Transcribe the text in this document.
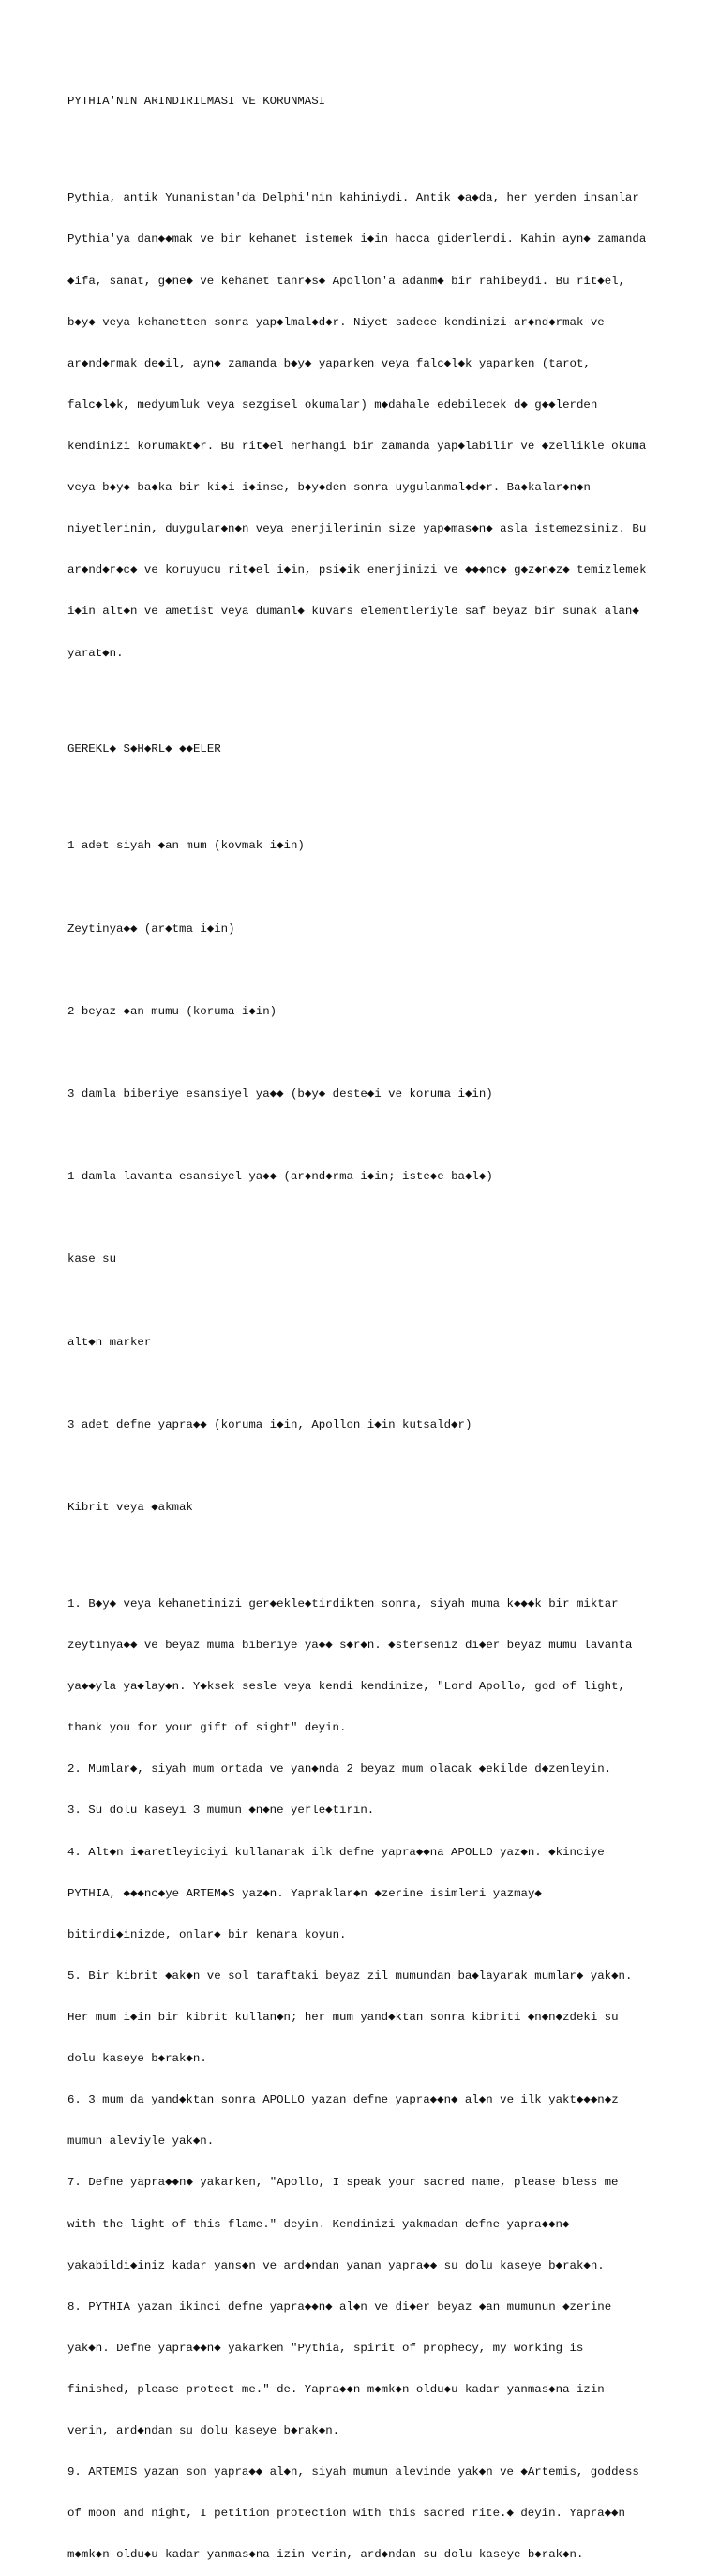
PYTHIA'NIN ARINDIRILMASI VE KORUNMASI

Pythia, antik Yunanistan'da Delphi'nin kahiniydi. Antik ◆a◆da, her yerden insanlar

Pythia'ya dan◆◆mak ve bir kehanet istemek i◆in hacca giderlerdi. Kahin ayn◆ zamanda

◆ifa, sanat, g◆ne◆ ve kehanet tanr◆s◆ Apollon'a adanm◆ bir rahibeydi. Bu rit◆el,

b◆y◆ veya kehanetten sonra yap◆lmal◆d◆r. Niyet sadece kendinizi ar◆nd◆rmak ve

ar◆nd◆rmak de◆il, ayn◆ zamanda b◆y◆ yaparken veya falc◆l◆k yaparken (tarot,

falc◆l◆k, medyumluk veya sezgisel okumalar) m◆dahale edebilecek d◆ g◆◆lerden

kendinizi korumakt◆r. Bu rit◆el herhangi bir zamanda yap◆labilir ve ◆zellikle okuma

veya b◆y◆ ba◆ka bir ki◆i i◆inse, b◆y◆den sonra uygulanmal◆d◆r. Ba◆kalar◆n◆n

niyetlerinin, duygular◆n◆n veya enerjilerinin size yap◆mas◆n◆ asla istemezsiniz. Bu

ar◆nd◆r◆c◆ ve koruyucu rit◆el i◆in, psi◆ik enerjinizi ve ◆◆◆nc◆ g◆z◆n◆z◆ temizlemek

i◆in alt◆n ve ametist veya dumanl◆ kuvars elementleriyle saf beyaz bir sunak alan◆

yarat◆n.

GEREKL◆ S◆H◆RL◆ ◆◆ELER

1 adet siyah ◆an mum (kovmak i◆in)

Zeytinya◆◆ (ar◆tma i◆in)

2 beyaz ◆an mumu (koruma i◆in)

3 damla biberiye esansiyel ya◆◆ (b◆y◆ deste◆i ve koruma i◆in)

1 damla lavanta esansiyel ya◆◆ (ar◆nd◆rma i◆in; iste◆e ba◆l◆)

kase su

alt◆n marker

3 adet defne yapra◆◆ (koruma i◆in, Apollon i◆in kutsald◆r)

Kibrit veya ◆akmak

1. B◆y◆ veya kehanetinizi ger◆ekle◆tirdikten sonra, siyah muma k◆◆◆k bir miktar

zeytinya◆◆ ve beyaz muma biberiye ya◆◆ s◆r◆n. ◆sterseniz di◆er beyaz mumu lavanta

ya◆◆yla ya◆lay◆n. Y◆ksek sesle veya kendi kendinize, "Lord Apollo, god of light,

thank you for your gift of sight" deyin.

2. Mumlar◆, siyah mum ortada ve yan◆nda 2 beyaz mum olacak ◆ekilde d◆zenleyin.

3. Su dolu kaseyi 3 mumun ◆n◆ne yerle◆tirin.

4. Alt◆n i◆aretleyiciyi kullanarak ilk defne yapra◆◆na APOLLO yaz◆n. ◆kinciye

PYTHIA, ◆◆◆nc◆ye ARTEM◆S yaz◆n. Yapraklar◆n ◆zerine isimleri yazmay◆

bitirdi◆inizde, onlar◆ bir kenara koyun.

5. Bir kibrit ◆ak◆n ve sol taraftaki beyaz zil mumundan ba◆layarak mumlar◆ yak◆n.

Her mum i◆in bir kibrit kullan◆n; her mum yand◆ktan sonra kibriti ◆n◆n◆zdeki su

dolu kaseye b◆rak◆n.

6. 3 mum da yand◆ktan sonra APOLLO yazan defne yapra◆◆n◆ al◆n ve ilk yakt◆◆◆n◆z

mumun aleviyle yak◆n.

7. Defne yapra◆◆n◆ yakarken, "Apollo, I speak your sacred name, please bless me

with the light of this flame." deyin. Kendinizi yakmadan defne yapra◆◆n◆

yakabildi◆iniz kadar yans◆n ve ard◆ndan yanan yapra◆◆ su dolu kaseye b◆rak◆n.

8. PYTHIA yazan ikinci defne yapra◆◆n◆ al◆n ve di◆er beyaz ◆an mumunun ◆zerine

yak◆n. Defne yapra◆◆n◆ yakarken "Pythia, spirit of prophecy, my working is

finished, please protect me." de. Yapra◆◆n m◆mk◆n oldu◆u kadar yanmas◆na izin

verin, ard◆ndan su dolu kaseye b◆rak◆n.

9. ARTEMIS yazan son yapra◆◆ al◆n, siyah mumun alevinde yak◆n ve ◆Artemis, goddess

of moon and night, I petition protection with this sacred rite.◆ deyin. Yapra◆◆n

m◆mk◆n oldu◆u kadar yanmas◆na izin verin, ard◆ndan su dolu kaseye b◆rak◆n.
